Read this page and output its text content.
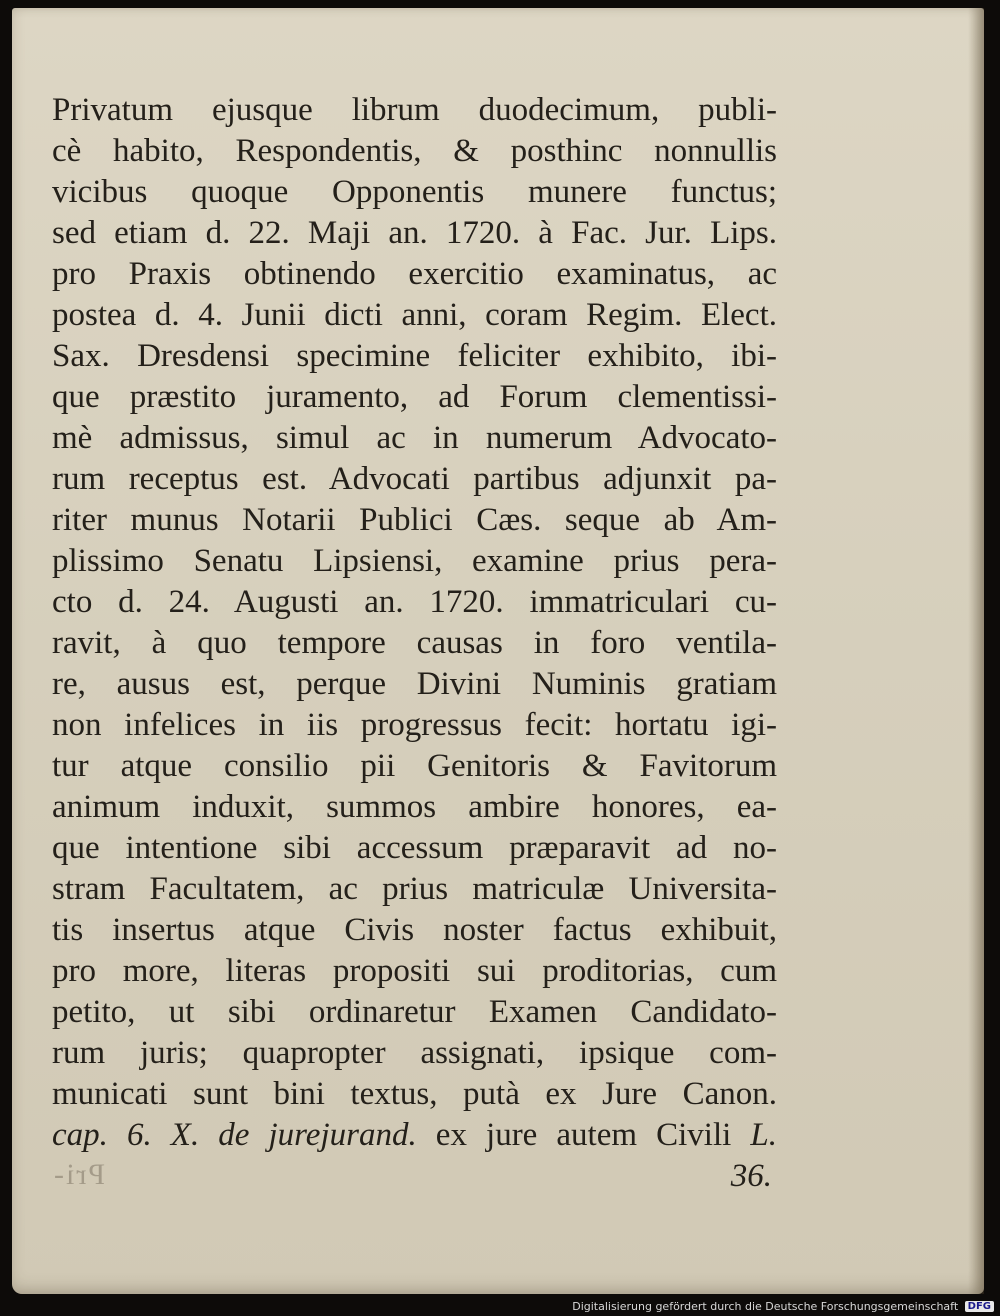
Privatum ejusque librum duodecimum, publi-
cè habito, Respondentis, & posthinc nonnullis
vicibus quoque Opponentis munere functus;
sed etiam d. 22. Maji an. 1720. à Fac. Jur. Lips.
pro Praxis obtinendo exercitio examinatus, ac
postea d. 4. Junii dicti anni, coram Regim. Elect.
Sax. Dresdensi specimine feliciter exhibito, ibi-
que præstito juramento, ad Forum clementissi-
mè admissus, simul ac in numerum Advocato-
rum receptus est. Advocati partibus adjunxit pa-
riter munus Notarii Publici Cæs. seque ab Am-
plissimo Senatu Lipsiensi, examine prius pera-
cto d. 24. Augusti an. 1720. immatriculari cu-
ravit, à quo tempore causas in foro ventila-
re, ausus est, perque Divini Numinis gratiam
non infelices in iis progressus fecit: hortatu igi-
tur atque consilio pii Genitoris & Favitorum
animum induxit, summos ambire honores, ea-
que intentione sibi accessum præparavit ad no-
stram Facultatem, ac prius matriculæ Universita-
tis insertus atque Civis noster factus exhibuit,
pro more, literas propositi sui proditorias, cum
petito, ut sibi ordinaretur Examen Candidato-
rum juris; quapropter assignati, ipsique com-
municati sunt bini textus, putà ex Jure Canon.
cap. 6. X. de jurejurand. ex jure autem Civili L.
Pri-	36.
Digitalisierung gefördert durch die Deutsche Forschungsgemeinschaft DFG
